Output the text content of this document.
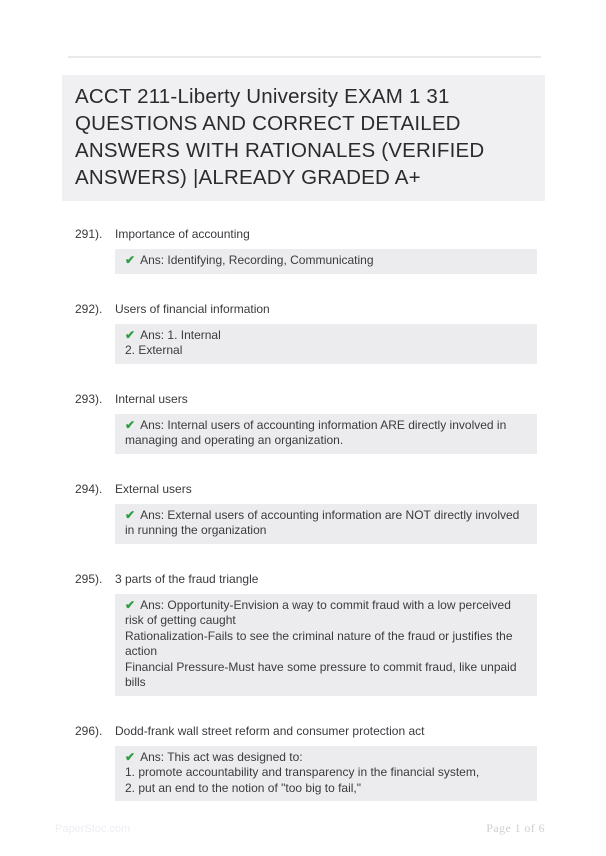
ACCT 211-Liberty University EXAM 1 31 QUESTIONS AND CORRECT DETAILED ANSWERS WITH RATIONALES (VERIFIED ANSWERS) |ALREADY GRADED A+
291).	Importance of accounting
✔ Ans: Identifying, Recording, Communicating
292).	Users of financial information
✔ Ans: 1. Internal
2. External
293).	Internal users
✔ Ans: Internal users of accounting information ARE directly involved in managing and operating an organization.
294).	External users
✔ Ans: External users of accounting information are NOT directly involved in running the organization
295).	3 parts of the fraud triangle
✔ Ans: Opportunity-Envision a way to commit fraud with a low perceived risk of getting caught
Rationalization-Fails to see the criminal nature of the fraud or justifies the action
Financial Pressure-Must have some pressure to commit fraud, like unpaid bills
296).	Dodd-frank wall street reform and consumer protection act
✔ Ans: This act was designed to:
1. promote accountability and transparency in the financial system,
2. put an end to the notion of "too big to fail,"
PaperStoc.com	Page 1 of 6
